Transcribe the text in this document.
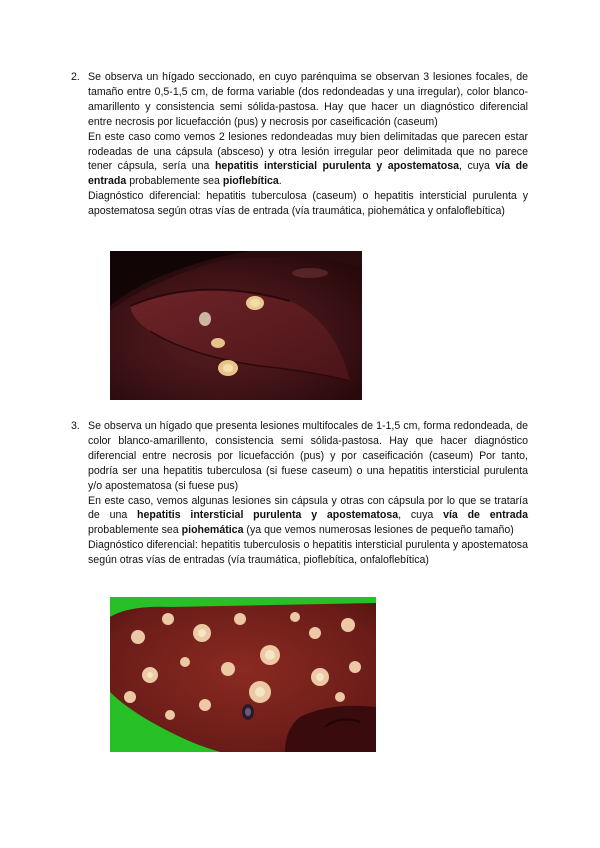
2. Se observa un hígado seccionado, en cuyo parénquima se observan 3 lesiones focales, de tamaño entre 0,5-1,5 cm, de forma variable (dos redondeadas y una irregular), color blanco-amarillento y consistencia semi sólida-pastosa. Hay que hacer un diagnóstico diferencial entre necrosis por licuefacción (pus) y necrosis por caseificación (caseum)

En este caso como vemos 2 lesiones redondeadas muy bien delimitadas que parecen estar rodeadas de una cápsula (absceso) y otra lesión irregular peor delimitada que no parece tener cápsula, sería una hepatitis intersticial purulenta y apostematosa, cuya vía de entrada probablemente sea pioflebítica.

Diagnóstico diferencial: hepatitis tuberculosa (caseum) o hepatitis intersticial purulenta y apostematosa según otras vías de entrada (vía traumática, piohemática y onfaloflebítica)

3. Se observa un hígado que presenta lesiones multifocales de 1-1,5 cm, forma redondeada, de color blanco-amarillento, consistencia semi sólida-pastosa. Hay que hacer diagnóstico diferencial entre necrosis por licuefacción (pus) y por caseificación (caseum) Por tanto, podría ser una hepatitis tuberculosa (si fuese caseum) o una hepatitis intersticial purulenta y/o apostematosa (si fuese pus)

En este caso, vemos algunas lesiones sin cápsula y otras con cápsula por lo que se trataría de una hepatitis intersticial purulenta y apostematosa, cuya vía de entrada probablemente sea piohemática (ya que vemos numerosas lesiones de pequeño tamaño)

Diagnóstico diferencial: hepatitis tuberculosis o hepatitis intersticial purulenta y apostematosa según otras vías de entradas (vía traumática, pioflebítica, onfaloflebítica)
